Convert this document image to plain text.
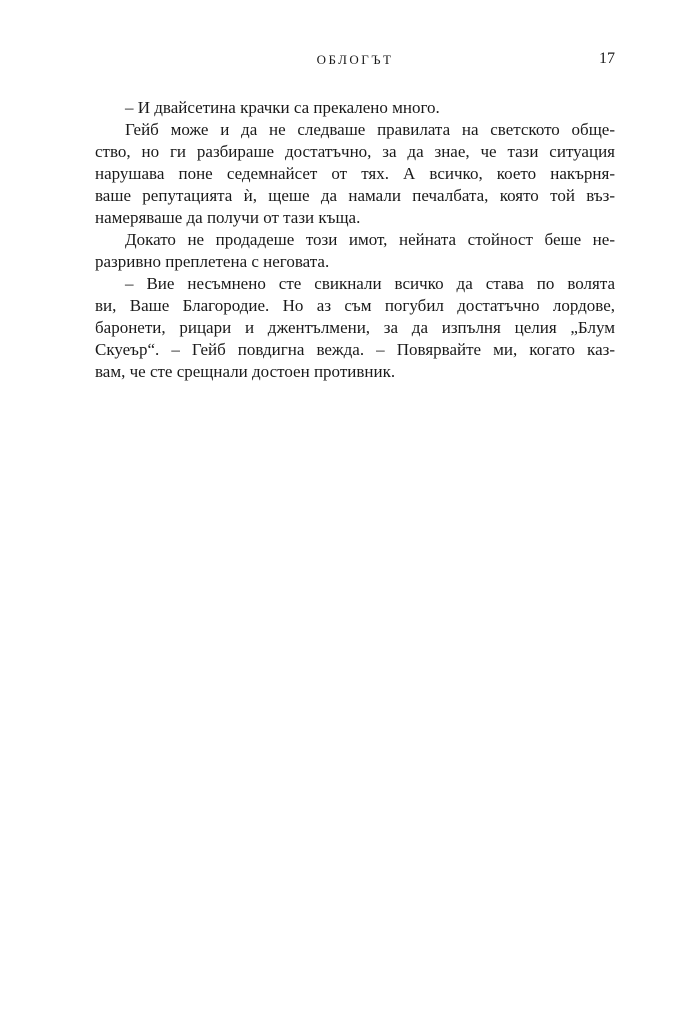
ОБЛОГЪТ	17
– И двайсетина крачки са прекалено много.
Гейб може и да не следваше правилата на светското обще-
ство, но ги разбираше достатъчно, за да знае, че тази ситуация
нарушава поне седемнайсет от тях. А всичко, което накърня-
ваше репутацията ѝ, щеше да намали печалбата, която той въз-
намеряваше да получи от тази къща.
Докато не продадеше този имот, нейната стойност беше не-
разривно преплетена с неговата.
– Вие несъмнено сте свикнали всичко да става по волята
ви, Ваше Благородие. Но аз съм погубил достатъчно лордове,
баронети, рицари и джентълмени, за да изпълня целия „Блум
Скуеър“. – Гейб повдигна вежда. – Повярвайте ми, когато каз-
вам, че сте срещнали достоен противник.
